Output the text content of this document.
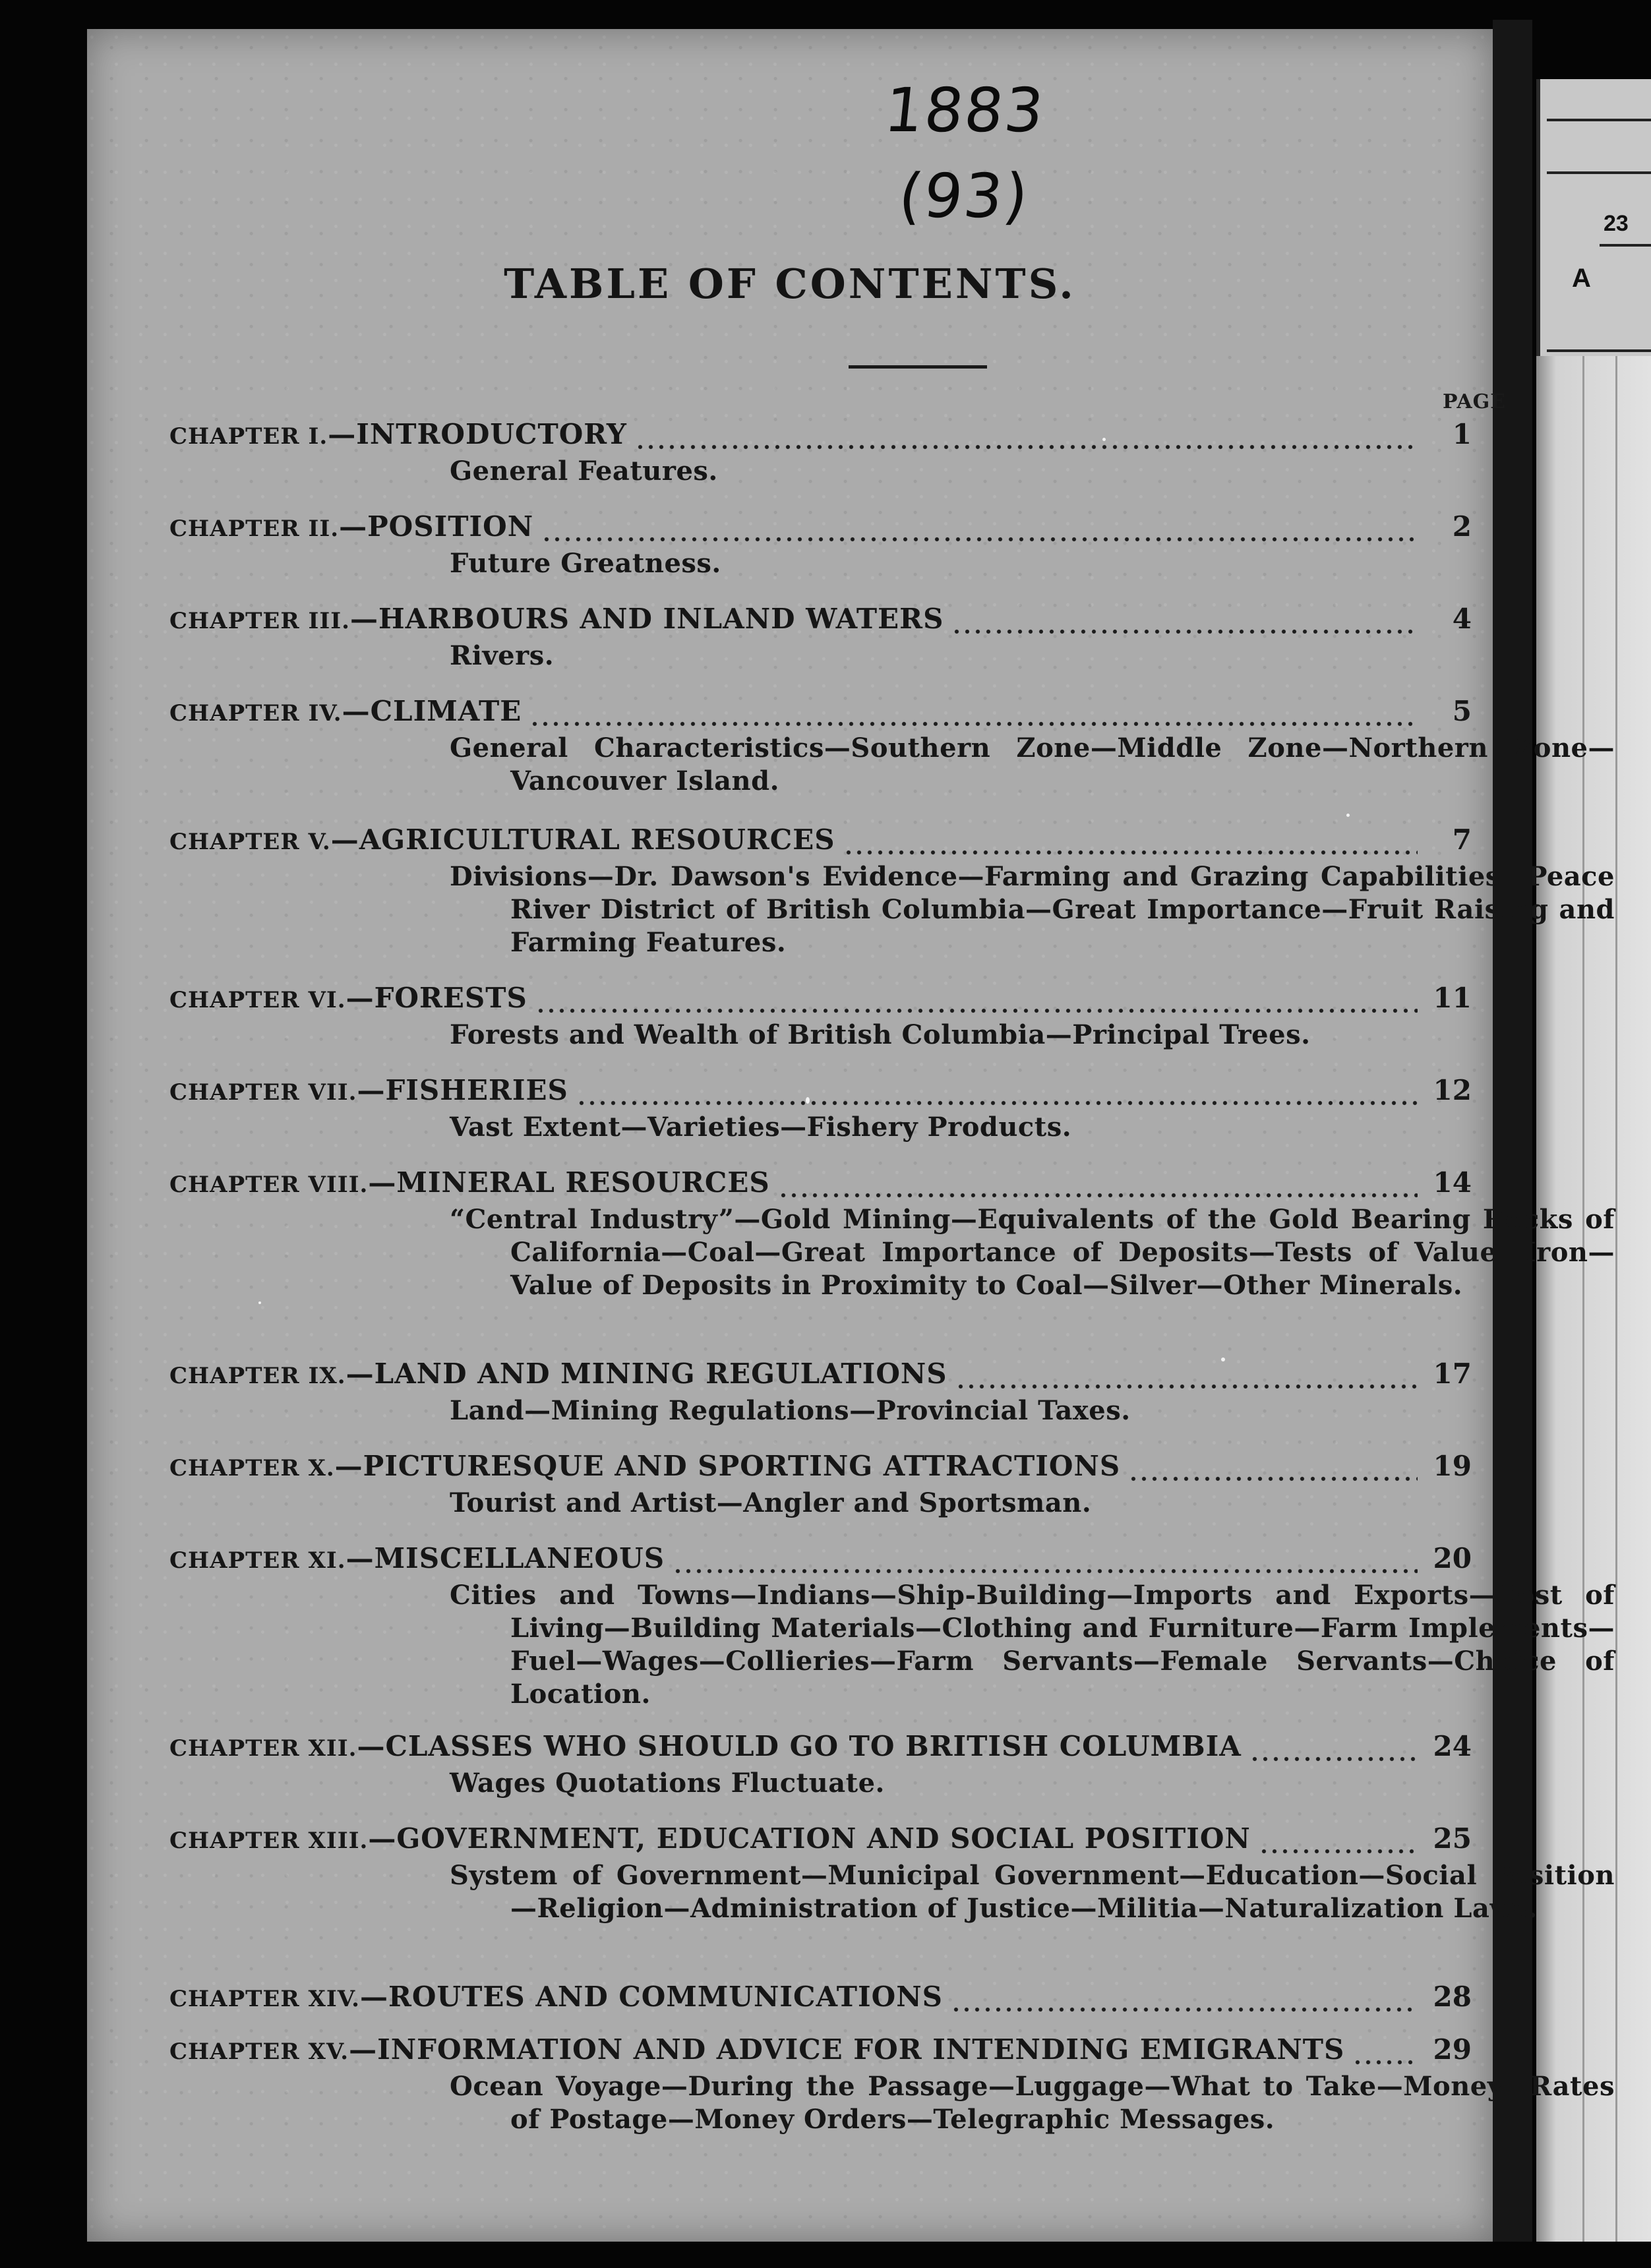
23
A
1883
(93)
TABLE OF CONTENTS.
PAGE
CHAPTER I. —INTRODUCTORY	1
General Features.
CHAPTER II. —POSITION	2
Future Greatness.
CHAPTER III. —HARBOURS AND INLAND WATERS	4
Rivers.
CHAPTER IV. —CLIMATE	5
General Characteristics—Southern Zone—Middle Zone—Northern Zone—Vancouver Island.
CHAPTER V. —AGRICULTURAL RESOURCES	7
Divisions—Dr. Dawson's Evidence—Farming and Grazing Capabilities—Peace River District of British Columbia—Great Importance—Fruit Raising and Farming Features.
CHAPTER VI. —FORESTS	11
Forests and Wealth of British Columbia—Principal Trees.
CHAPTER VII. —FISHERIES	12
Vast Extent—Varieties—Fishery Products.
CHAPTER VIII. —MINERAL RESOURCES	14
“Central Industry”—Gold Mining—Equivalents of the Gold Bearing Rocks of California—Coal—Great Importance of Deposits—Tests of Value—Iron—Value of Deposits in Proximity to Coal—Silver—Other Minerals.
CHAPTER IX. —LAND AND MINING REGULATIONS	17
Land—Mining Regulations—Provincial Taxes.
CHAPTER X. —PICTURESQUE AND SPORTING ATTRACTIONS	19
Tourist and Artist—Angler and Sportsman.
CHAPTER XI. —MISCELLANEOUS	20
Cities and Towns—Indians—Ship-Building—Imports and Exports—Cost of Living—Building Materials—Clothing and Furniture—Farm Implements—Fuel—Wages—Collieries—Farm Servants—Female Servants—Choice of Location.
CHAPTER XII. —CLASSES WHO SHOULD GO TO BRITISH COLUMBIA	24
Wages Quotations Fluctuate.
CHAPTER XIII. —GOVERNMENT, EDUCATION AND SOCIAL POSITION	25
System of Government—Municipal Government—Education—Social Position—Religion—Administration of Justice—Militia—Naturalization Laws.
CHAPTER XIV. —ROUTES AND COMMUNICATIONS	28
CHAPTER XV. —INFORMATION AND ADVICE FOR INTENDING EMIGRANTS	29
Ocean Voyage—During the Passage—Luggage—What to Take—Money—Rates of Postage—Money Orders—Telegraphic Messages.
